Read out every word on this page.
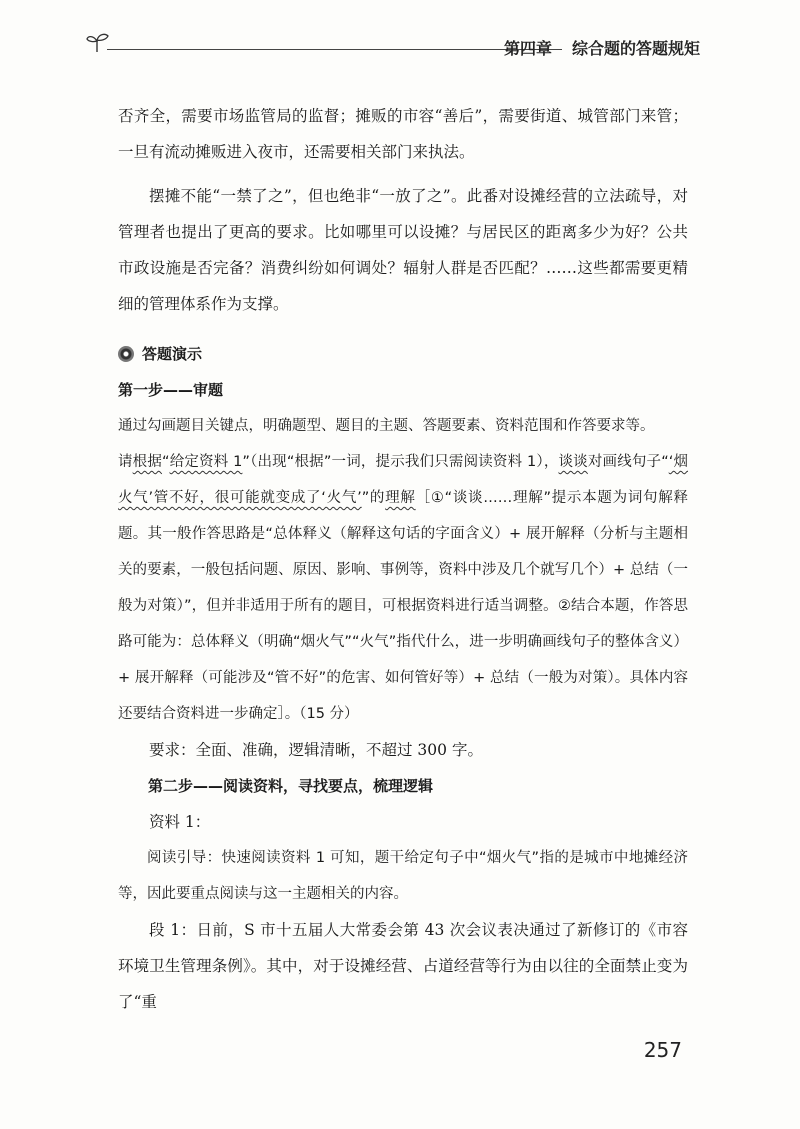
第四章 综合题的答题规矩

否齐全，需要市场监管局的监督；摊贩的市容“善后”，需要街道、城管部门来管；一旦有流动摊贩进入夜市，还需要相关部门来执法。

摆摊不能“一禁了之”，但也绝非“一放了之”。此番对设摊经营的立法疏导，对管理者也提出了更高的要求。比如哪里可以设摊？与居民区的距离多少为好？公共市政设施是否完备？消费纠纷如何调处？辐射人群是否匹配？……这些都需要更精细的管理体系作为支撑。

答题演示

第一步——审题

通过勾画题目关键点，明确题型、题目的主题、答题要素、资料范围和作答要求等。

请根据“给定资料 1”（出现“根据”一词，提示我们只需阅读资料 1），谈谈对画线句子“‘烟火气’管不好，很可能就变成了‘火气’”的理解［①“谈谈……理解”提示本题为词句解释题。其一般作答思路是“总体释义（解释这句话的字面含义）+ 展开解释（分析与主题相关的要素，一般包括问题、原因、影响、事例等，资料中涉及几个就写几个）+ 总结（一般为对策）”，但并非适用于所有的题目，可根据资料进行适当调整。②结合本题，作答思路可能为：总体释义（明确“烟火气”“火气”指代什么，进一步明确画线句子的整体含义）+ 展开解释（可能涉及“管不好”的危害、如何管好等）+ 总结（一般为对策）。具体内容还要结合资料进一步确定］。（15 分）

要求：全面、准确，逻辑清晰，不超过 300 字。

第二步——阅读资料，寻找要点，梳理逻辑

资料 1：

阅读引导：快速阅读资料 1 可知，题干给定句子中“烟火气”指的是城市中地摊经济等，因此要重点阅读与这一主题相关的内容。

段 1：日前，S 市十五届人大常委会第 43 次会议表决通过了新修订的《市容环境卫生管理条例》。其中，对于设摊经营、占道经营等行为由以往的全面禁止变为了“重

257
